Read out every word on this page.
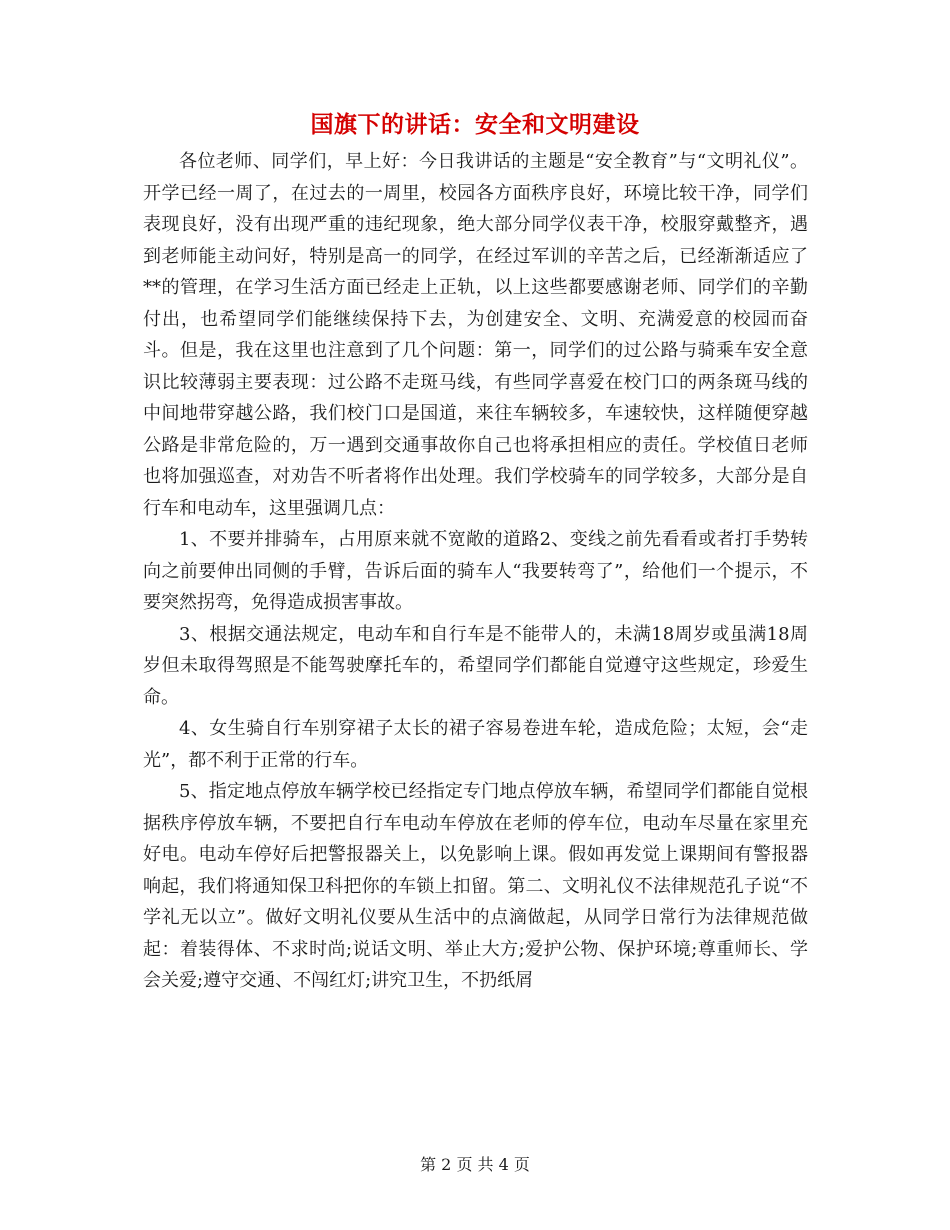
国旗下的讲话：安全和文明建设

各位老师、同学们，早上好：今日我讲话的主题是“安全教育”与“文明礼仪”。开学已经一周了，在过去的一周里，校园各方面秩序良好，环境比较干净，同学们表现良好，没有出现严重的违纪现象，绝大部分同学仪表干净，校服穿戴整齐，遇到老师能主动问好，特别是高一的同学，在经过军训的辛苦之后，已经渐渐适应了**的管理，在学习生活方面已经走上正轨，以上这些都要感谢老师、同学们的辛勤付出，也希望同学们能继续保持下去，为创建安全、文明、充满爱意的校园而奋斗。但是，我在这里也注意到了几个问题：第一，同学们的过公路与骑乘车安全意识比较薄弱主要表现：过公路不走斑马线，有些同学喜爱在校门口的两条斑马线的中间地带穿越公路，我们校门口是国道，来往车辆较多，车速较快，这样随便穿越公路是非常危险的，万一遇到交通事故你自己也将承担相应的责任。学校值日老师也将加强巡查，对劝告不听者将作出处理。我们学校骑车的同学较多，大部分是自行车和电动车，这里强调几点：

1、不要并排骑车，占用原来就不宽敞的道路2、变线之前先看看或者打手势转向之前要伸出同侧的手臂，告诉后面的骑车人“我要转弯了”，给他们一个提示，不要突然拐弯，免得造成损害事故。

3、根据交通法规定，电动车和自行车是不能带人的，未满18周岁或虽满18周岁但未取得驾照是不能驾驶摩托车的，希望同学们都能自觉遵守这些规定，珍爱生命。

4、女生骑自行车别穿裙子太长的裙子容易卷进车轮，造成危险；太短，会“走光”，都不利于正常的行车。

5、指定地点停放车辆学校已经指定专门地点停放车辆，希望同学们都能自觉根据秩序停放车辆，不要把自行车电动车停放在老师的停车位，电动车尽量在家里充好电。电动车停好后把警报器关上，以免影响上课。假如再发觉上课期间有警报器响起，我们将通知保卫科把你的车锁上扣留。第二、文明礼仪不法律规范孔子说“不学礼无以立”。做好文明礼仪要从生活中的点滴做起，从同学日常行为法律规范做起：着装得体、不求时尚;说话文明、举止大方;爱护公物、保护环境;尊重师长、学会关爱;遵守交通、不闯红灯;讲究卫生，不扔纸屑

第 2 页 共 4 页
